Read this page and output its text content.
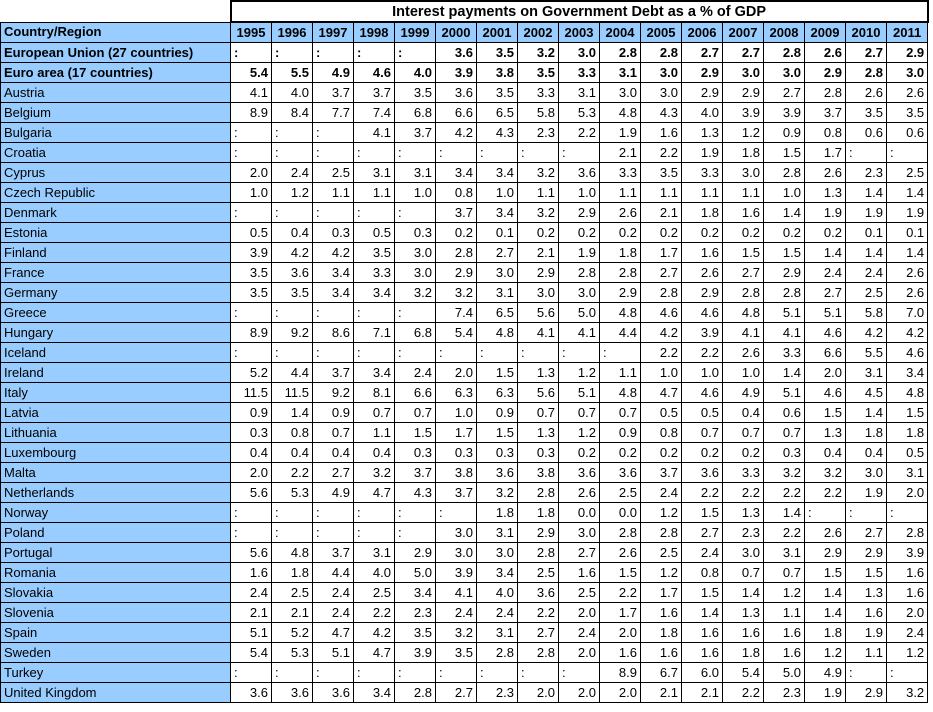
	Interest payments on Government Debt as a % of GDP																
Country/Region	1995	1996	1997	1998	1999	2000	2001	2002	2003	2004	2005	2006	2007	2008	2009	2010	2011
European Union (27 countries)	:	:	:	:	:	3.6	3.5	3.2	3.0	2.8	2.8	2.7	2.7	2.8	2.6	2.7	2.9
Euro area (17 countries)	5.4	5.5	4.9	4.6	4.0	3.9	3.8	3.5	3.3	3.1	3.0	2.9	3.0	3.0	2.9	2.8	3.0
Austria	4.1	4.0	3.7	3.7	3.5	3.6	3.5	3.3	3.1	3.0	3.0	2.9	2.9	2.7	2.8	2.6	2.6
Belgium	8.9	8.4	7.7	7.4	6.8	6.6	6.5	5.8	5.3	4.8	4.3	4.0	3.9	3.9	3.7	3.5	3.5
Bulgaria	:	:	:	4.1	3.7	4.2	4.3	2.3	2.2	1.9	1.6	1.3	1.2	0.9	0.8	0.6	0.6
Croatia	:	:	:	:	:	:	:	:	:	2.1	2.2	1.9	1.8	1.5	1.7	:	:
Cyprus	2.0	2.4	2.5	3.1	3.1	3.4	3.4	3.2	3.6	3.3	3.5	3.3	3.0	2.8	2.6	2.3	2.5
Czech Republic	1.0	1.2	1.1	1.1	1.0	0.8	1.0	1.1	1.0	1.1	1.1	1.1	1.1	1.0	1.3	1.4	1.4
Denmark	:	:	:	:	:	3.7	3.4	3.2	2.9	2.6	2.1	1.8	1.6	1.4	1.9	1.9	1.9
Estonia	0.5	0.4	0.3	0.5	0.3	0.2	0.1	0.2	0.2	0.2	0.2	0.2	0.2	0.2	0.2	0.1	0.1
Finland	3.9	4.2	4.2	3.5	3.0	2.8	2.7	2.1	1.9	1.8	1.7	1.6	1.5	1.5	1.4	1.4	1.4
France	3.5	3.6	3.4	3.3	3.0	2.9	3.0	2.9	2.8	2.8	2.7	2.6	2.7	2.9	2.4	2.4	2.6
Germany	3.5	3.5	3.4	3.4	3.2	3.2	3.1	3.0	3.0	2.9	2.8	2.9	2.8	2.8	2.7	2.5	2.6
Greece	:	:	:	:	:	7.4	6.5	5.6	5.0	4.8	4.6	4.6	4.8	5.1	5.1	5.8	7.0
Hungary	8.9	9.2	8.6	7.1	6.8	5.4	4.8	4.1	4.1	4.4	4.2	3.9	4.1	4.1	4.6	4.2	4.2
Iceland	:	:	:	:	:	:	:	:	:	:	2.2	2.2	2.6	3.3	6.6	5.5	4.6
Ireland	5.2	4.4	3.7	3.4	2.4	2.0	1.5	1.3	1.2	1.1	1.0	1.0	1.0	1.4	2.0	3.1	3.4
Italy	11.5	11.5	9.2	8.1	6.6	6.3	6.3	5.6	5.1	4.8	4.7	4.6	4.9	5.1	4.6	4.5	4.8
Latvia	0.9	1.4	0.9	0.7	0.7	1.0	0.9	0.7	0.7	0.7	0.5	0.5	0.4	0.6	1.5	1.4	1.5
Lithuania	0.3	0.8	0.7	1.1	1.5	1.7	1.5	1.3	1.2	0.9	0.8	0.7	0.7	0.7	1.3	1.8	1.8
Luxembourg	0.4	0.4	0.4	0.4	0.3	0.3	0.3	0.3	0.2	0.2	0.2	0.2	0.2	0.3	0.4	0.4	0.5
Malta	2.0	2.2	2.7	3.2	3.7	3.8	3.6	3.8	3.6	3.6	3.7	3.6	3.3	3.2	3.2	3.0	3.1
Netherlands	5.6	5.3	4.9	4.7	4.3	3.7	3.2	2.8	2.6	2.5	2.4	2.2	2.2	2.2	2.2	1.9	2.0
Norway	:	:	:	:	:	:	1.8	1.8	0.0	0.0	1.2	1.5	1.3	1.4	:	:	:
Poland	:	:	:	:	:	3.0	3.1	2.9	3.0	2.8	2.8	2.7	2.3	2.2	2.6	2.7	2.8
Portugal	5.6	4.8	3.7	3.1	2.9	3.0	3.0	2.8	2.7	2.6	2.5	2.4	3.0	3.1	2.9	2.9	3.9
Romania	1.6	1.8	4.4	4.0	5.0	3.9	3.4	2.5	1.6	1.5	1.2	0.8	0.7	0.7	1.5	1.5	1.6
Slovakia	2.4	2.5	2.4	2.5	3.4	4.1	4.0	3.6	2.5	2.2	1.7	1.5	1.4	1.2	1.4	1.3	1.6
Slovenia	2.1	2.1	2.4	2.2	2.3	2.4	2.4	2.2	2.0	1.7	1.6	1.4	1.3	1.1	1.4	1.6	2.0
Spain	5.1	5.2	4.7	4.2	3.5	3.2	3.1	2.7	2.4	2.0	1.8	1.6	1.6	1.6	1.8	1.9	2.4
Sweden	5.4	5.3	5.1	4.7	3.9	3.5	2.8	2.8	2.0	1.6	1.6	1.6	1.8	1.6	1.2	1.1	1.2
Turkey	:	:	:	:	:	:	:	:	:	8.9	6.7	6.0	5.4	5.0	4.9	:	:
United Kingdom	3.6	3.6	3.6	3.4	2.8	2.7	2.3	2.0	2.0	2.0	2.1	2.1	2.2	2.3	1.9	2.9	3.2
